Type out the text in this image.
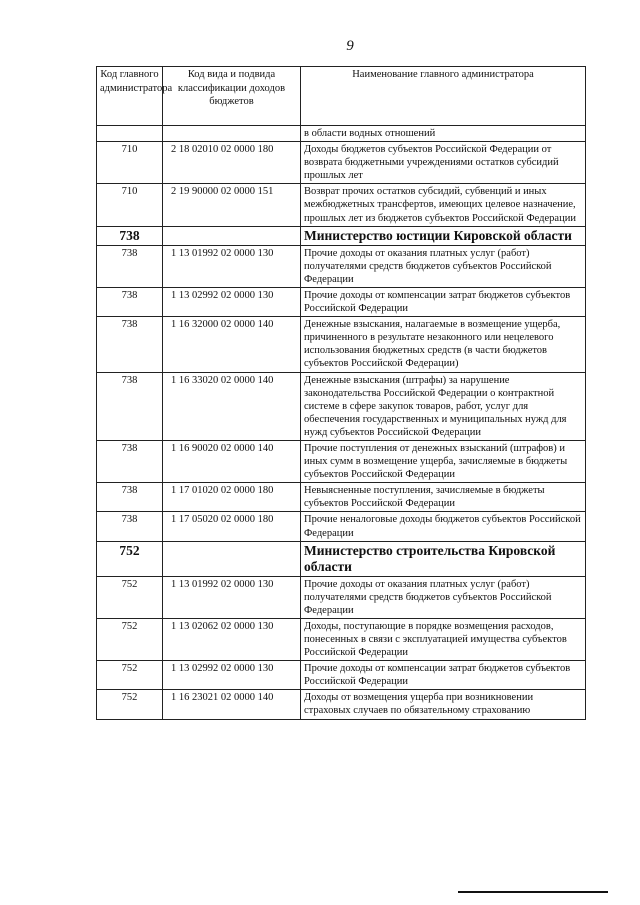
9
Код главного администратора	Код вида и подвида классификации доходов бюджетов	Наименование главного администратора
		в области водных отношений
710	2 18 02010 02 0000 180	Доходы бюджетов субъектов Российской Федерации от возврата бюджетными учреждениями остатков субсидий прошлых лет
710	2 19 90000 02 0000 151	Возврат прочих остатков субсидий, субвенций и иных межбюджетных трансфертов, имеющих целевое назначение, прошлых лет из бюджетов субъектов Российской Федерации
738		Министерство юстиции Кировской области
738	1 13 01992 02 0000 130	Прочие доходы от оказания платных услуг (работ) получателями средств бюджетов субъектов Российской Федерации
738	1 13 02992 02 0000 130	Прочие доходы от компенсации затрат бюджетов субъектов Российской Федерации
738	1 16 32000 02 0000 140	Денежные взыскания, налагаемые в возмещение ущерба, причиненного в результате незаконного или нецелевого использования бюджетных средств (в части бюджетов субъектов Российской Федерации)
738	1 16 33020 02 0000 140	Денежные взыскания (штрафы) за нарушение законодательства Российской Федерации о контрактной системе в сфере закупок товаров, работ, услуг для обеспечения государственных и муниципальных нужд для нужд субъектов Российской Федерации
738	1 16 90020 02 0000 140	Прочие поступления от денежных взысканий (штрафов) и иных сумм в возмещение ущерба, зачисляемые в бюджеты субъектов Российской Федерации
738	1 17 01020 02 0000 180	Невыясненные поступления, зачисляемые в бюджеты субъектов Российской Федерации
738	1 17 05020 02 0000 180	Прочие неналоговые доходы бюджетов субъектов Российской Федерации
752		Министерство строительства Кировской области
752	1 13 01992 02 0000 130	Прочие доходы от оказания платных услуг (работ) получателями средств бюджетов субъектов Российской Федерации
752	1 13 02062 02 0000 130	Доходы, поступающие в порядке возмещения расходов, понесенных в связи с эксплуатацией имущества субъектов Российской Федерации
752	1 13 02992 02 0000 130	Прочие доходы от компенсации затрат бюджетов субъектов Российской Федерации
752	1 16 23021 02 0000 140	Доходы от возмещения ущерба при возникновении страховых случаев по обязательному страхованию
